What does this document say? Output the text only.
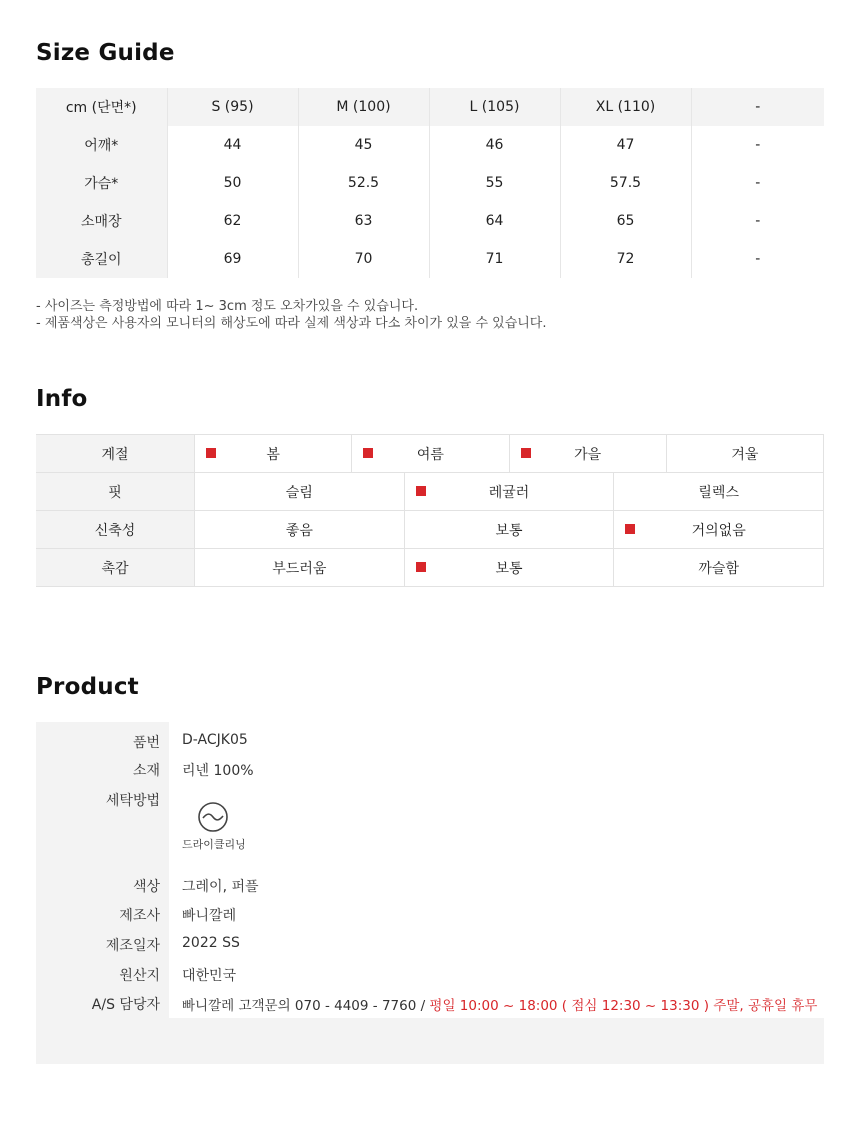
Size Guide
cm (단면*)	S (95)	M (100)	L (105)	XL (110)	-
어깨*	44	45	46	47	-
가슴*	50	52.5	55	57.5	-
소매장	62	63	64	65	-
총길이	69	70	71	72	-
- 사이즈는 측정방법에 따라 1~ 3cm 정도 오차가있을 수 있습니다.
- 제품색상은 사용자의 모니터의 해상도에 따라 실제 색상과 다소 차이가 있을 수 있습니다.
Info
계절	봄	여름	가을	겨울
핏	슬림	레귤러	릴렉스
신축성	좋음	보통	거의없음
촉감	부드러움	보통	까슬함
Product
품번 D-ACJK05
소재 리넨 100%
세탁방법
드라이클리닝
색상 그레이, 퍼플
제조사 빠니깔레
제조일자 2022 SS
원산지 대한민국
A/S 담당자 빠니깔레 고객문의 070 - 4409 - 7760 / 평일 10:00 ~ 18:00 ( 점심 12:30 ~ 13:30 ) 주말, 공휴일 휴무
